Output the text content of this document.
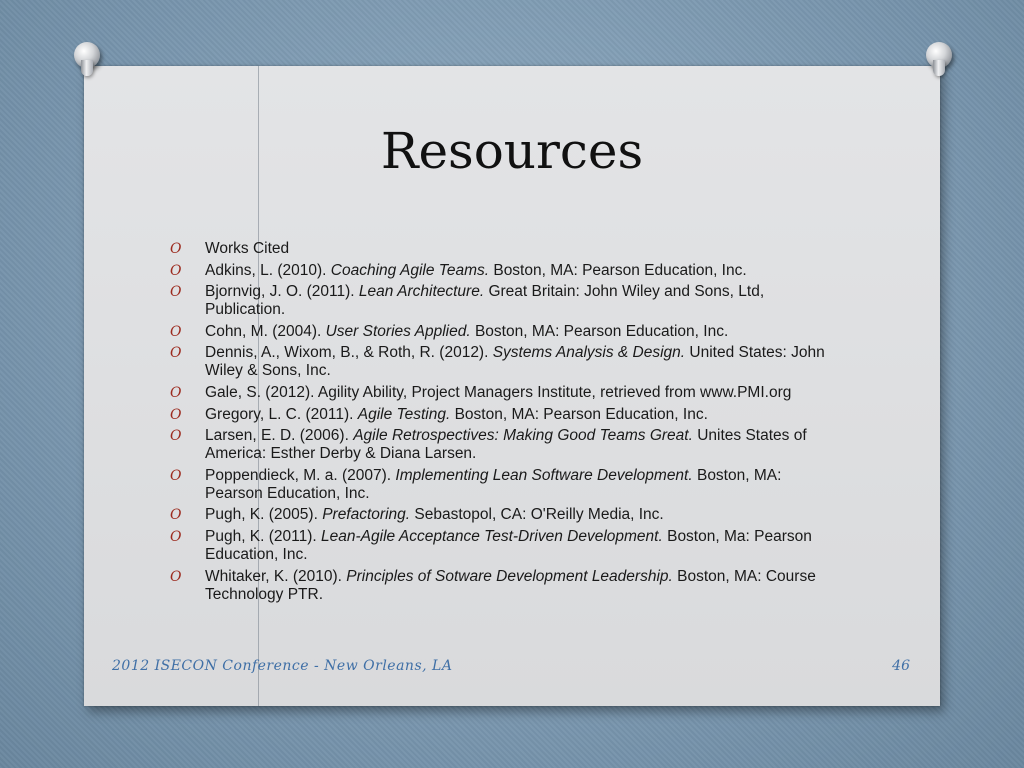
Resources
O Works Cited
O Adkins, L. (2010). Coaching Agile Teams. Boston, MA: Pearson Education, Inc.
O Bjornvig, J. O. (2011). Lean Architecture. Great Britain: John Wiley and Sons, Ltd, Publication.
O Cohn, M. (2004). User Stories Applied. Boston, MA: Pearson Education, Inc.
O Dennis, A., Wixom, B., & Roth, R. (2012). Systems Analysis & Design. United States: John Wiley & Sons, Inc.
O Gale, S. (2012). Agility Ability, Project Managers Institute, retrieved from www.PMI.org
O Gregory, L. C. (2011). Agile Testing. Boston, MA: Pearson Education, Inc.
O Larsen, E. D. (2006). Agile Retrospectives: Making Good Teams Great. Unites States of America: Esther Derby & Diana Larsen.
O Poppendieck, M. a. (2007). Implementing Lean Software Development. Boston, MA: Pearson Education, Inc.
O Pugh, K. (2005). Prefactoring. Sebastopol, CA: O'Reilly Media, Inc.
O Pugh, K. (2011). Lean-Agile Acceptance Test-Driven Development. Boston, Ma: Pearson Education, Inc.
O Whitaker, K. (2010). Principles of Sotware Development Leadership. Boston, MA: Course Technology PTR.
2012 ISECON Conference - New Orleans, LA	46
